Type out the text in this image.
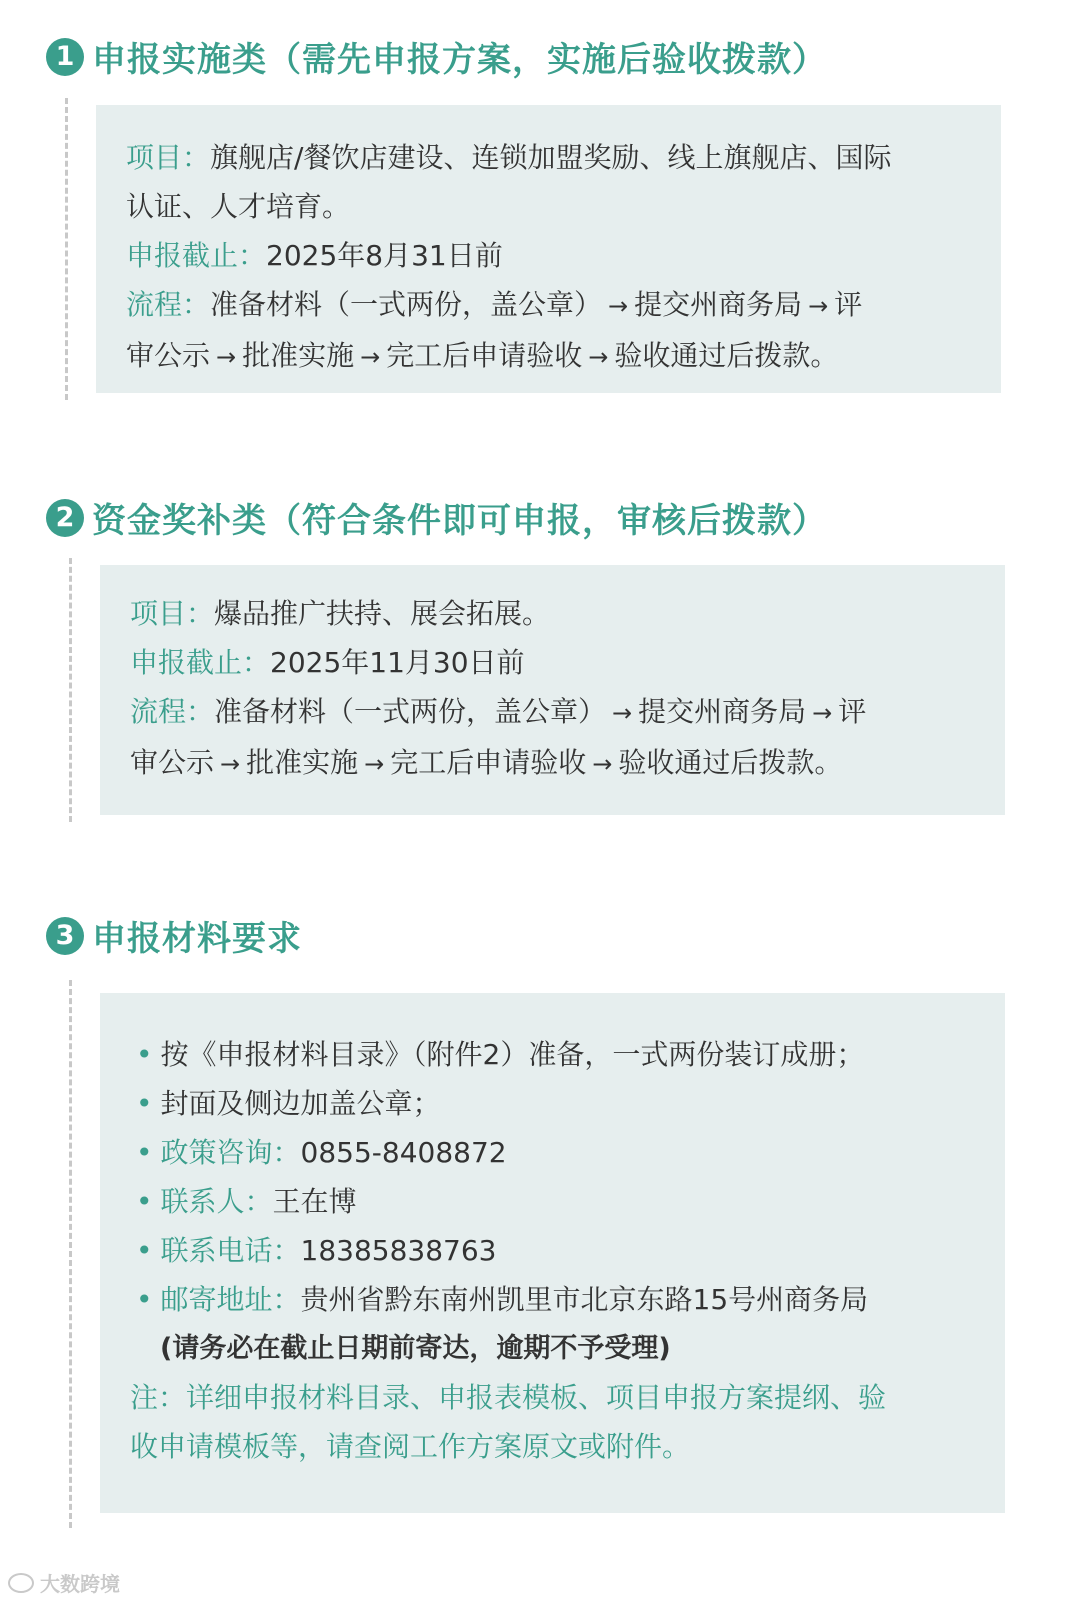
1 申报实施类（需先申报方案，实施后验收拨款）
项目：旗舰店/餐饮店建设、连锁加盟奖励、线上旗舰店、国际
认证、人才培育。
申报截止：2025年8月31日前
流程：准备材料（一式两份，盖公章） → 提交州商务局 → 评
审公示 → 批准实施 → 完工后申请验收 → 验收通过后拨款。
2 资金奖补类（符合条件即可申报，审核后拨款）
项目：爆品推广扶持、展会拓展。
申报截止：2025年11月30日前
流程：准备材料（一式两份，盖公章） → 提交州商务局 → 评
审公示 → 批准实施 → 完工后申请验收 → 验收通过后拨款。
3 申报材料要求
• 按《申报材料目录》（附件2）准备，一式两份装订成册；
• 封面及侧边加盖公章；
• 政策咨询：0855-8408872
• 联系人：王在博
• 联系电话：18385838763
• 邮寄地址：贵州省黔东南州凯里市北京东路15号州商务局
(请务必在截止日期前寄达，逾期不予受理)
注：详细申报材料目录、申报表模板、项目申报方案提纲、验
收申请模板等，请查阅工作方案原文或附件。
大数跨境
